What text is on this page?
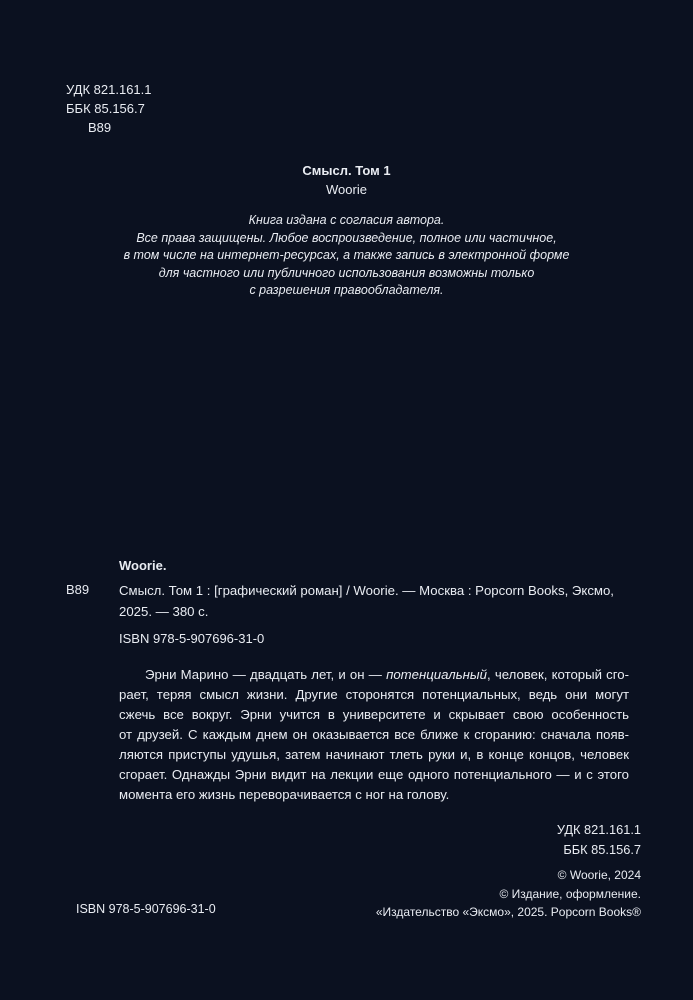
УДК 821.161.1
ББК 85.156.7
В89
Смысл. Том 1
Woorie
Книга издана с согласия автора.
Все права защищены. Любое воспроизведение, полное или частичное,
в том числе на интернет-ресурсах, а также запись в электронной форме
для частного или публичного использования возможны только
с разрешения правообладателя.
Woorie.
В89 Смысл. Том 1 : [графический роман] / Woorie. — Москва : Popcorn Books, Эксмо,
2025. — 380 с.
ISBN 978-5-907696-31-0
Эрни Марино — двадцать лет, и он — потенциальный, человек, который сго-
рает, теряя смысл жизни. Другие сторонятся потенциальных, ведь они могут
сжечь все вокруг. Эрни учится в университете и скрывает свою особенность
от друзей. С каждым днем он оказывается все ближе к сгоранию: сначала появ-
ляются приступы удушья, затем начинают тлеть руки и, в конце концов, человек
сгорает. Однажды Эрни видит на лекции еще одного потенциального — и с этого
момента его жизнь переворачивается с ног на голову.
УДК 821.161.1
ББК 85.156.7
© Woorie, 2024
© Издание, оформление.
«Издательство «Эксмо», 2025. Popcorn Books®
ISBN 978-5-907696-31-0
